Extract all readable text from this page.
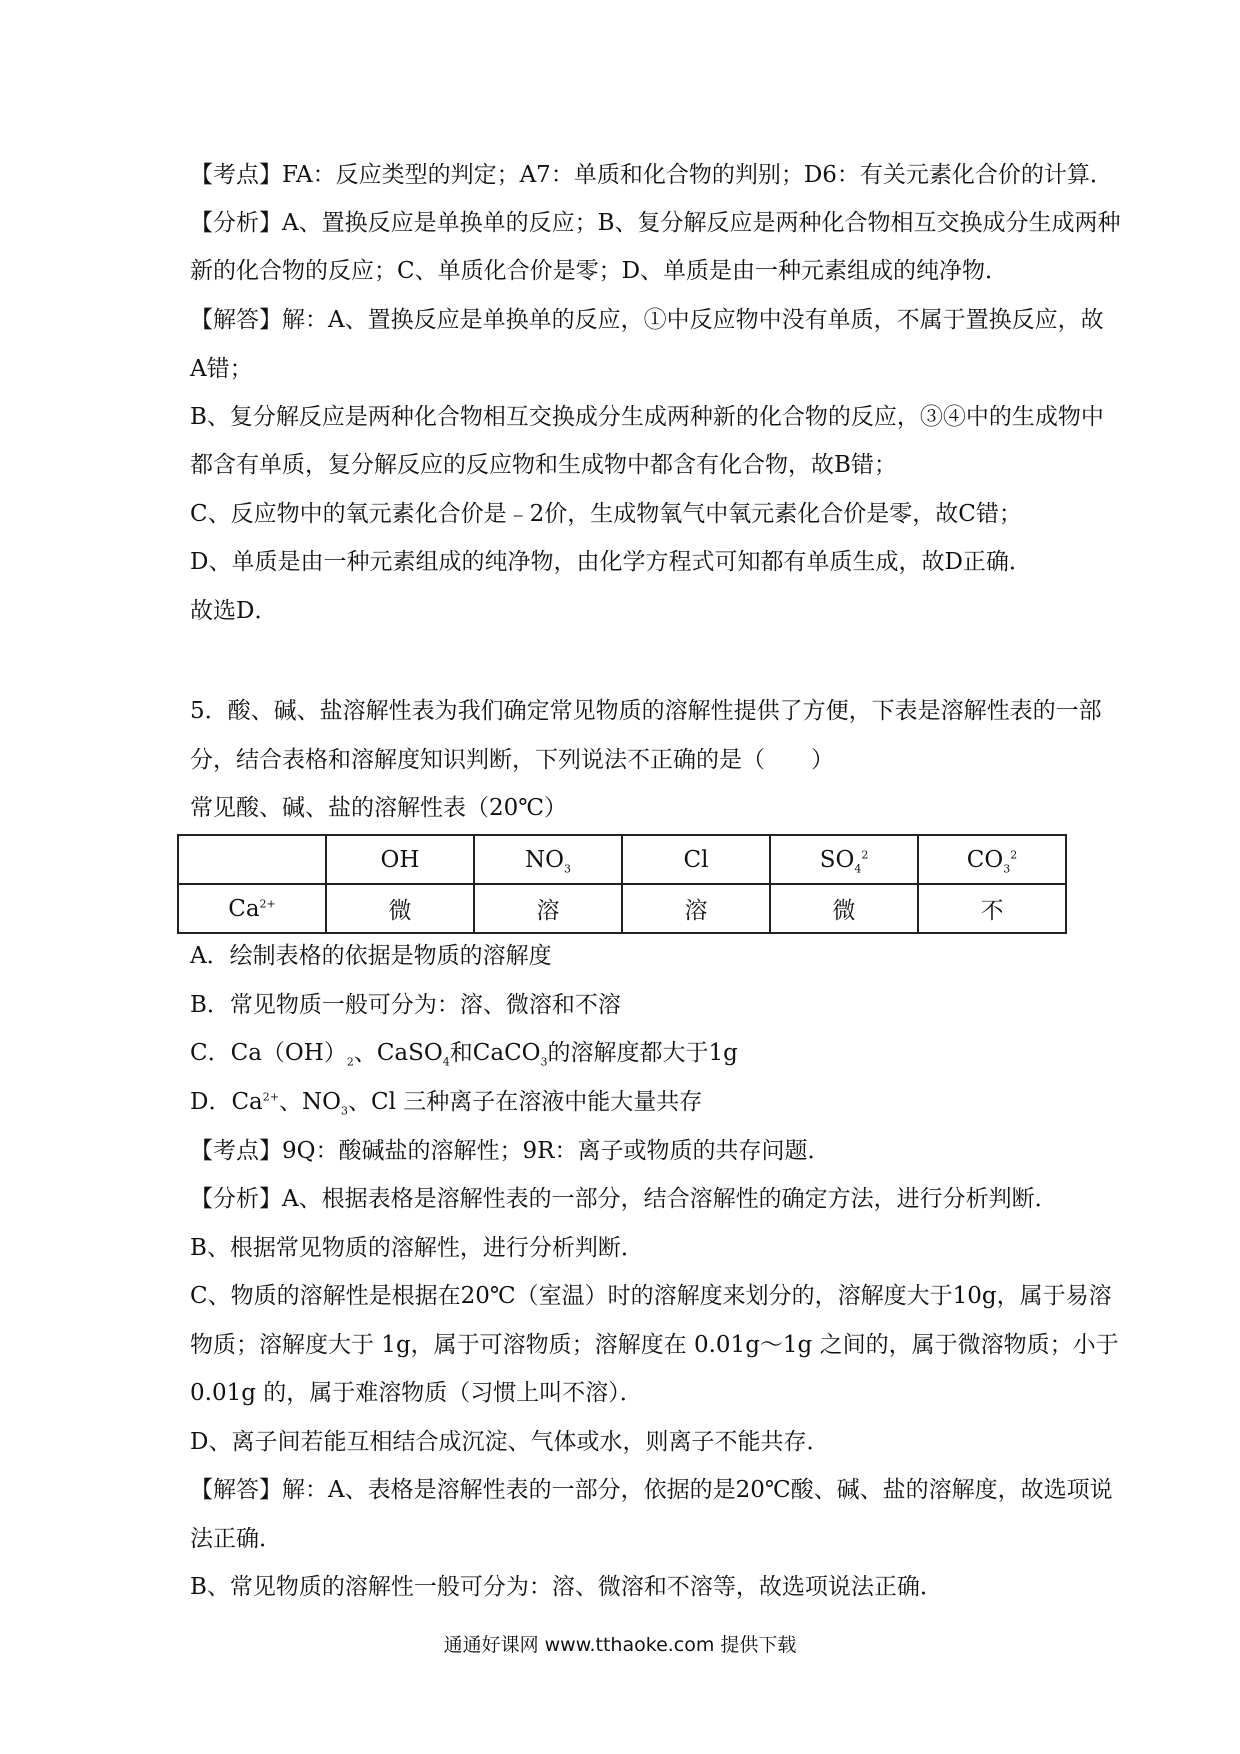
【考点】FA：反应类型的判定；A7：单质和化合物的判别；D6：有关元素化合价的计算．
【分析】A、置换反应是单换单的反应；B、复分解反应是两种化合物相互交换成分生成两种
新的化合物的反应；C、单质化合价是零；D、单质是由一种元素组成的纯净物．
【解答】解：A、置换反应是单换单的反应，①中反应物中没有单质，不属于置换反应，故
A错；
B、复分解反应是两种化合物相互交换成分生成两种新的化合物的反应，③④中的生成物中
都含有单质，复分解反应的反应物和生成物中都含有化合物，故B错；
C、反应物中的氧元素化合价是﹣2价，生成物氧气中氧元素化合价是零，故C错；
D、单质是由一种元素组成的纯净物，由化学方程式可知都有单质生成，故D正确．
故选D．
5．酸、碱、盐溶解性表为我们确定常见物质的溶解性提供了方便，下表是溶解性表的一部
分，结合表格和溶解度知识判断，下列说法不正确的是（　　）
常见酸、碱、盐的溶解性表（20℃）
	OH	$NO_3$	Cl	$SO_4^2$	$CO_3^2$
$Ca^{2+}$	微	溶	溶	微	不
A．绘制表格的依据是物质的溶解度
B．常见物质一般可分为：溶、微溶和不溶
C．$Ca(OH)_2$、CaSO$_4$和CaCO$_3$的溶解度都大于1g
D．$Ca^{2+}$、$NO_3$、Cl 三种离子在溶液中能大量共存
【考点】9Q：酸碱盐的溶解性；9R：离子或物质的共存问题．
【分析】A、根据表格是溶解性表的一部分，结合溶解性的确定方法，进行分析判断．
B、根据常见物质的溶解性，进行分析判断．
C、物质的溶解性是根据在20℃（室温）时的溶解度来划分的，溶解度大于10g，属于易溶
物质；溶解度大于 1g，属于可溶物质；溶解度在 0.01g～1g 之间的，属于微溶物质；小于
0.01g 的，属于难溶物质（习惯上叫不溶）．
D、离子间若能互相结合成沉淀、气体或水，则离子不能共存．
【解答】解：A、表格是溶解性表的一部分，依据的是20℃酸、碱、盐的溶解度，故选项说
法正确．
B、常见物质的溶解性一般可分为：溶、微溶和不溶等，故选项说法正确．
通通好课网 www.tthaoke.com 提供下载
